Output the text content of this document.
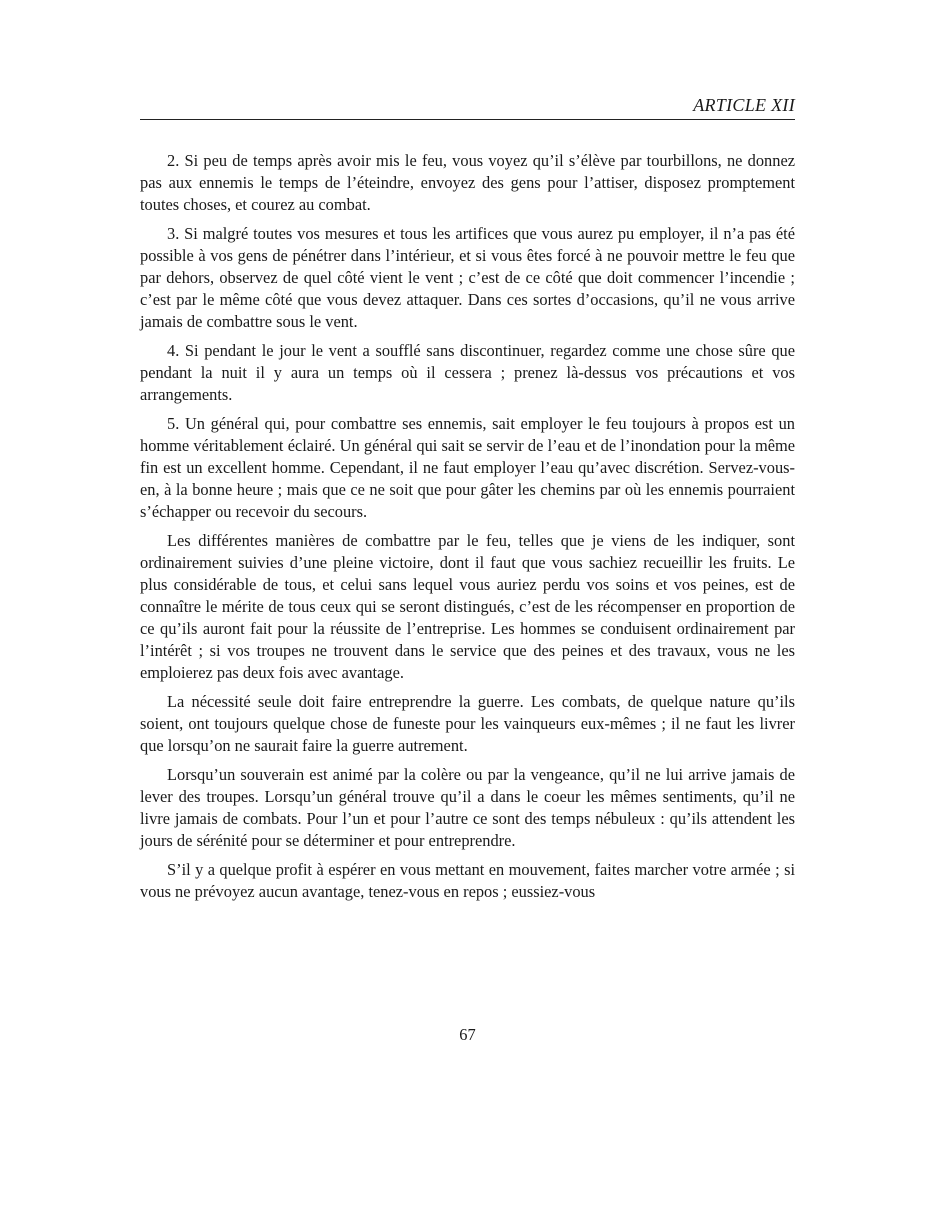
ARTICLE XII

2. Si peu de temps après avoir mis le feu, vous voyez qu’il s’élève par tourbillons, ne donnez pas aux ennemis le temps de l’éteindre, envoyez des gens pour l’attiser, disposez promptement toutes choses, et courez au combat.

3. Si malgré toutes vos mesures et tous les artifices que vous aurez pu employer, il n’a pas été possible à vos gens de pénétrer dans l’intérieur, et si vous êtes forcé à ne pouvoir mettre le feu que par dehors, observez de quel côté vient le vent ; c’est de ce côté que doit commencer l’incendie ; c’est par le même côté que vous devez attaquer. Dans ces sortes d’occasions, qu’il ne vous arrive jamais de combattre sous le vent.

4. Si pendant le jour le vent a soufflé sans discontinuer, regardez comme une chose sûre que pendant la nuit il y aura un temps où il cessera ; prenez là-dessus vos précautions et vos arrangements.

5. Un général qui, pour combattre ses ennemis, sait employer le feu toujours à propos est un homme véritablement éclairé. Un général qui sait se servir de l’eau et de l’inondation pour la même fin est un excellent homme. Cependant, il ne faut employer l’eau qu’avec discrétion. Servez-vous-en, à la bonne heure ; mais que ce ne soit que pour gâter les chemins par où les ennemis pourraient s’échapper ou recevoir du secours.

Les différentes manières de combattre par le feu, telles que je viens de les indiquer, sont ordinairement suivies d’une pleine victoire, dont il faut que vous sachiez recueillir les fruits. Le plus considérable de tous, et celui sans lequel vous auriez perdu vos soins et vos peines, est de connaître le mérite de tous ceux qui se seront distingués, c’est de les récompenser en proportion de ce qu’ils auront fait pour la réussite de l’entreprise. Les hommes se conduisent ordinairement par l’intérêt ; si vos troupes ne trouvent dans le service que des peines et des travaux, vous ne les emploierez pas deux fois avec avantage.

La nécessité seule doit faire entreprendre la guerre. Les combats, de quelque nature qu’ils soient, ont toujours quelque chose de funeste pour les vainqueurs eux-mêmes ; il ne faut les livrer que lorsqu’on ne saurait faire la guerre autrement.

Lorsqu’un souverain est animé par la colère ou par la vengeance, qu’il ne lui arrive jamais de lever des troupes. Lorsqu’un général trouve qu’il a dans le coeur les mêmes sentiments, qu’il ne livre jamais de combats. Pour l’un et pour l’autre ce sont des temps nébuleux : qu’ils attendent les jours de sérénité pour se déterminer et pour entreprendre.

S’il y a quelque profit à espérer en vous mettant en mouvement, faites marcher votre armée ; si vous ne prévoyez aucun avantage, tenez-vous en repos ; eussiez-vous

67
